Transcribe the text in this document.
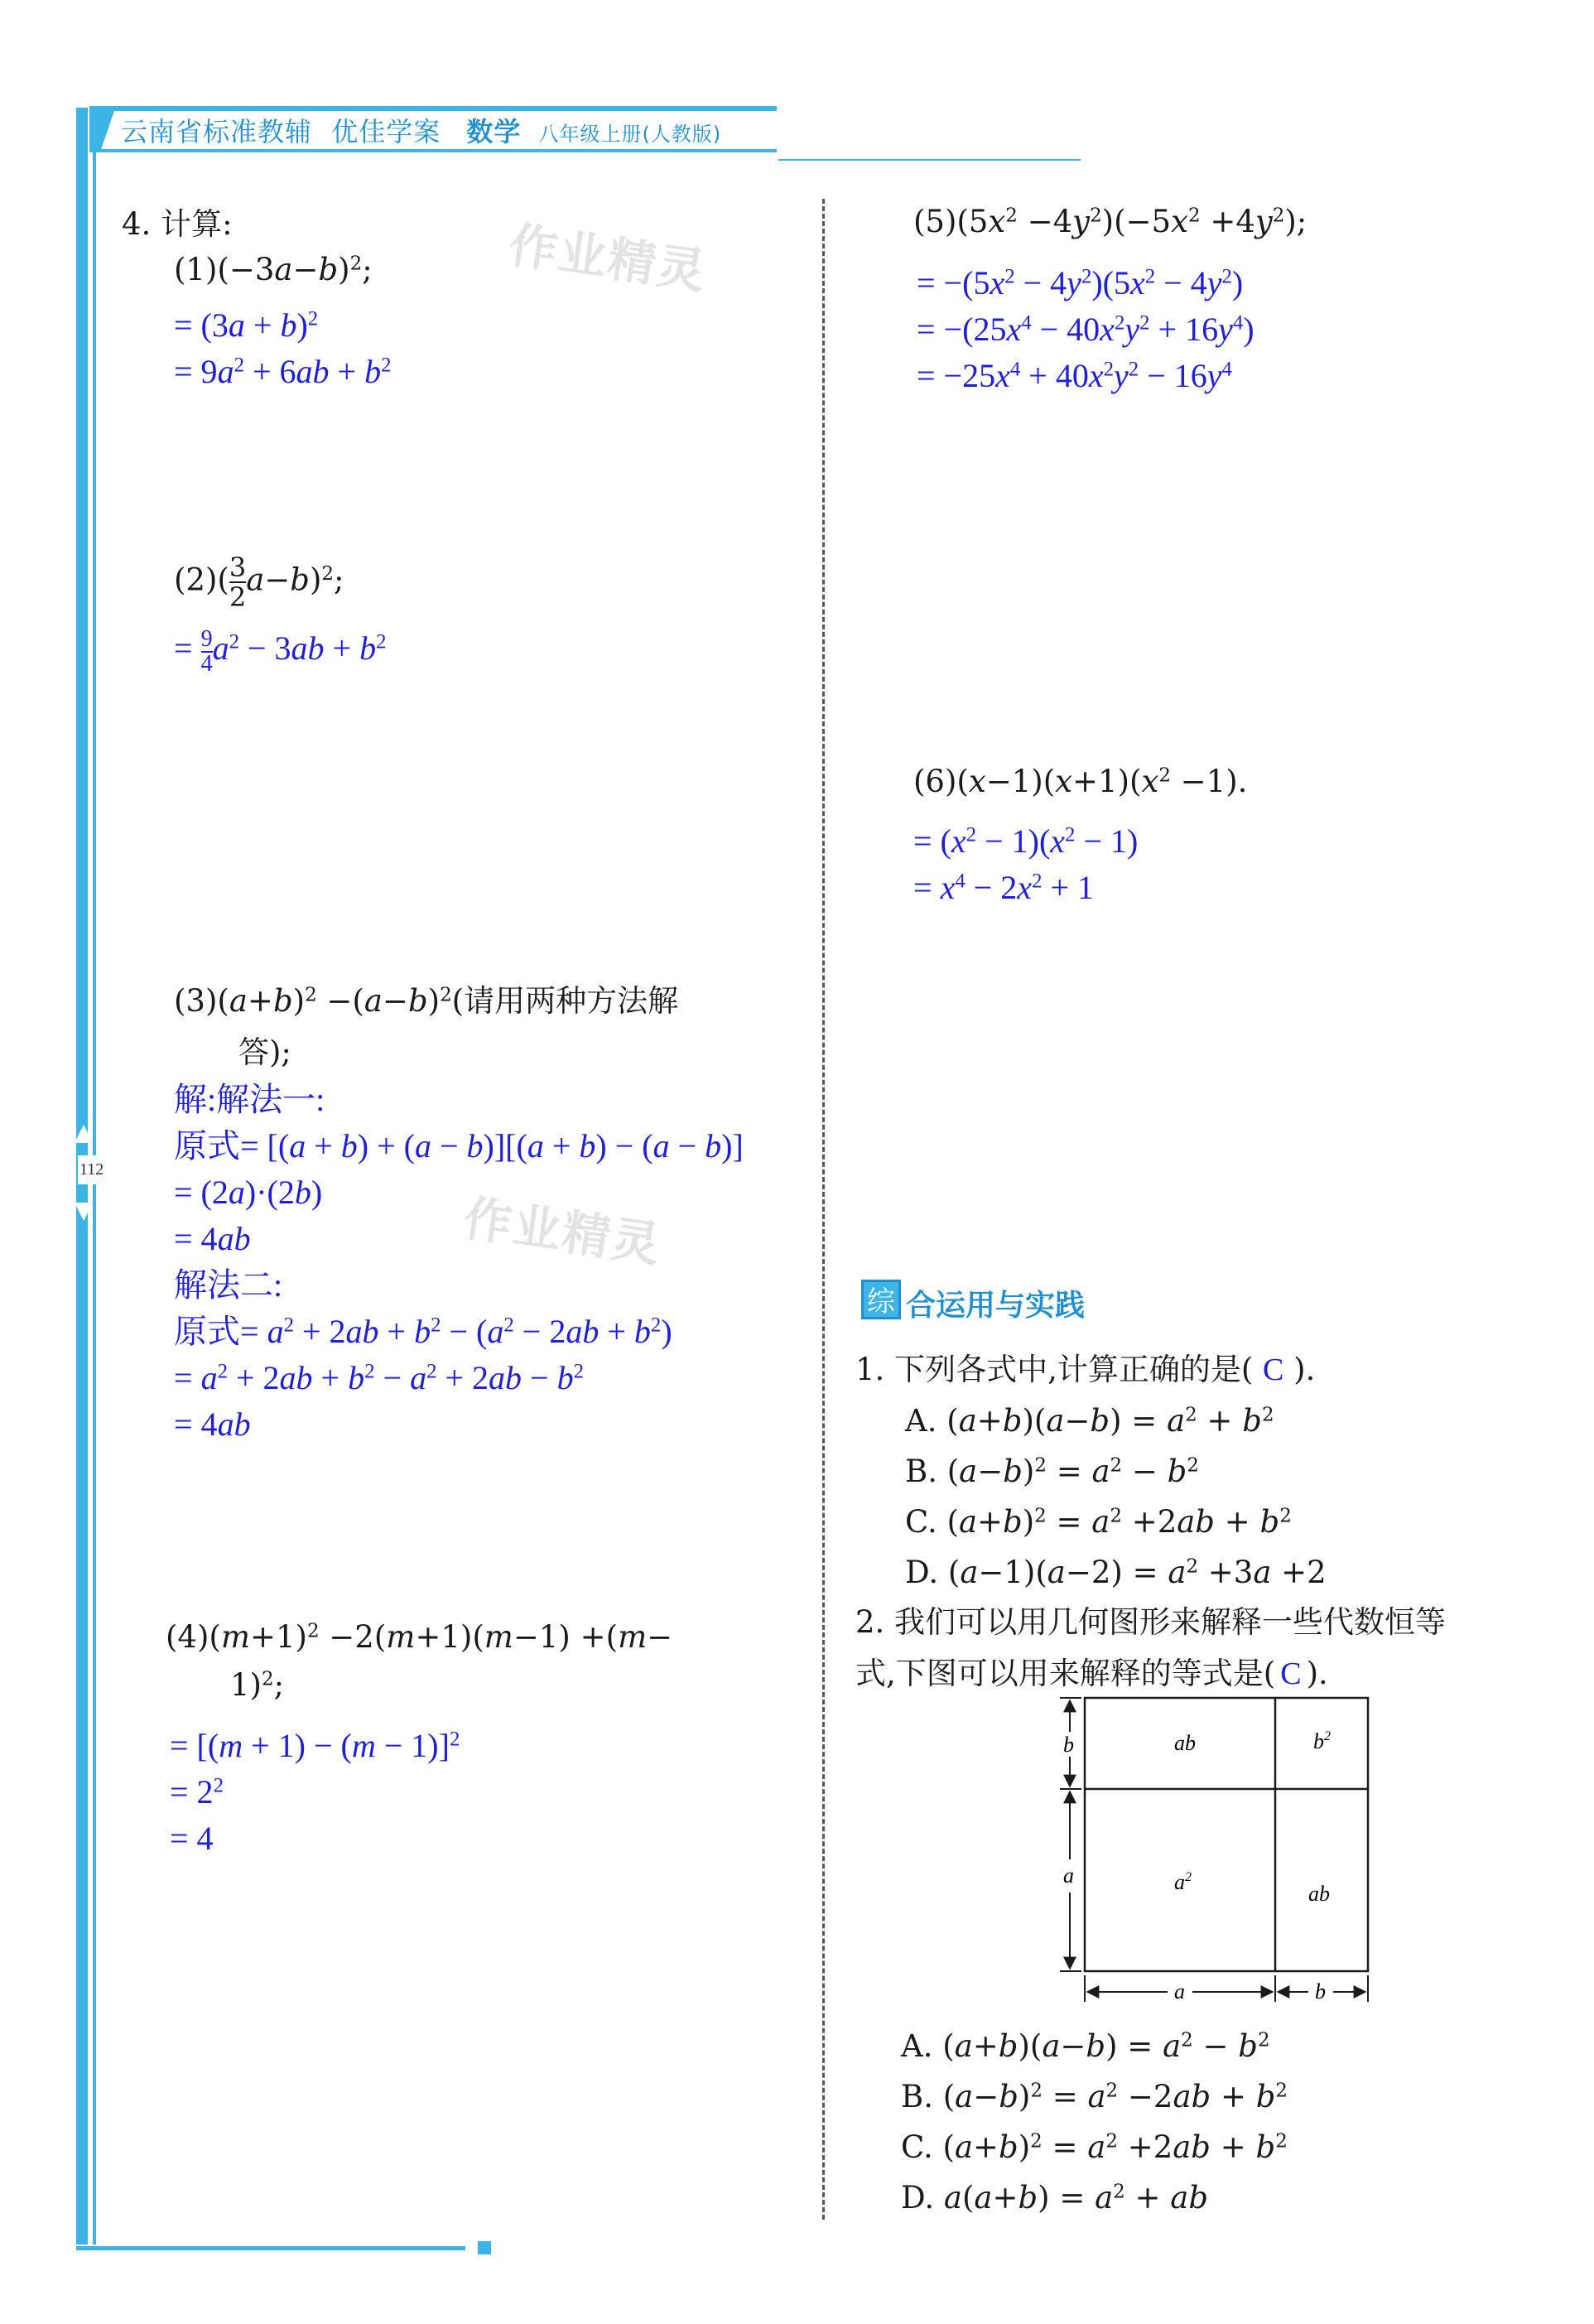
云南省标准教辅 优佳学案 数学 八年级上册(人教版)
112
作业精灵
作业精灵
4. 计算:
$(1)(-3a-b)^2$;
= $(3a + b)^2$
= $9a^2 + 6ab + b^2$
$(2)( \frac{3}{2} a-b)^2$;
= $\frac{9}{4} a^2 - 3ab + b^2$
$(3)(a+b)^2 -(a-b)^2$(请用两种方法解
答);
解:解法一:
原式= [(a + b) + (a − b)][(a + b) − (a − b)]
= (2a)·(2b)
= 4ab
解法二:
原式= $a^2 + 2ab + b^2 - (a^2 - 2ab + b^2)$
= $a^2 + 2ab + b^2 - a^2 + 2ab - b^2$
= 4ab
$(4)(m+1)^2 -2(m+1)(m-1) +(m-$
1)$^2$;
= $[(m + 1) - (m - 1)]^2$
= $2^2$
= 4
$(5)(5x^2 -4y^2)(-5x^2 +4y^2)$;
= $-(5x^2 - 4y^2)(5x^2 - 4y^2)$
= $-(25x^4 - 40x^2y^2 + 16y^4)$
= $-25x^4 + 40x^2y^2 - 16y^4$
$(6)(x-1)(x+1)(x^2 -1)$.
= $(x^2 - 1)(x^2 - 1)$
= $x^4 - 2x^2 + 1$
综 合运用与实践
1. 下列各式中,计算正确的是( C ).
A. $(a+b)(a-b) = a^2 + b^2$
B. $(a-b)^2 = a^2 - b^2$
C. $(a+b)^2 = a^2 +2ab + b^2$
D. $(a-1)(a-2) = a^2 +3a +2$
2. 我们可以用几何图形来解释一些代数恒等
式,下图可以用来解释的等式是( C ).
ab	$b^2$
$a^2$
ab
b
a
a	b
A. $(a+b)(a-b) = a^2 - b^2$
B. $(a-b)^2 = a^2 -2ab + b^2$
C. $(a+b)^2 = a^2 +2ab + b^2$
D. $a(a+b) = a^2$ + ab
